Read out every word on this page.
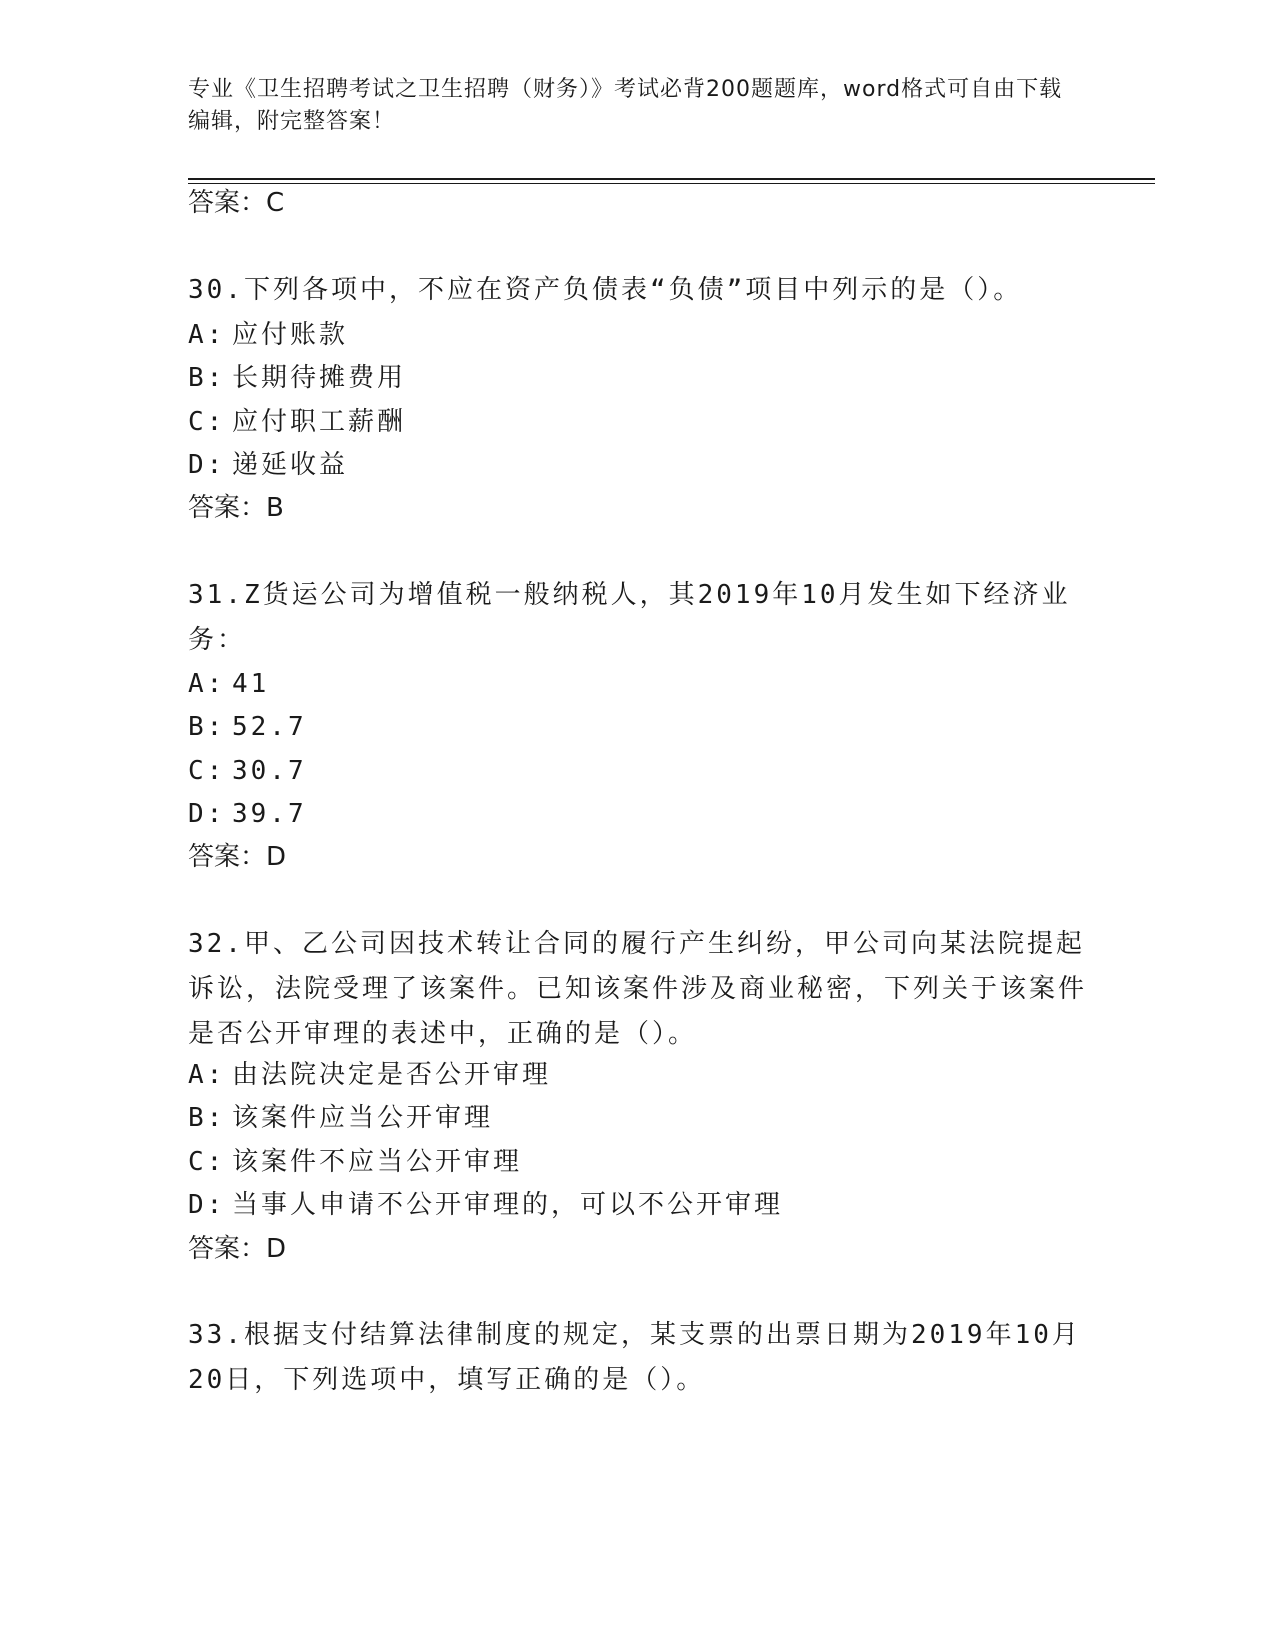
专业《卫生招聘考试之卫生招聘（财务）》考试必背200题题库，word格式可自由下载编辑，附完整答案！

答案：C

30.下列各项中，不应在资产负债表“负债”项目中列示的是（）。

A: 应付账款

B: 长期待摊费用

C: 应付职工薪酬

D: 递延收益

答案：B

31.Z货运公司为增值税一般纳税人，其2019年10月发生如下经济业务：

A: 41

B: 52.7

C: 30.7

D: 39.7

答案：D

32.甲、乙公司因技术转让合同的履行产生纠纷，甲公司向某法院提起诉讼，法院受理了该案件。已知该案件涉及商业秘密，下列关于该案件是否公开审理的表述中，正确的是（）。

A: 由法院决定是否公开审理

B: 该案件应当公开审理

C: 该案件不应当公开审理

D: 当事人申请不公开审理的，可以不公开审理

答案：D

33.根据支付结算法律制度的规定，某支票的出票日期为2019年10月20日，下列选项中，填写正确的是（）。
